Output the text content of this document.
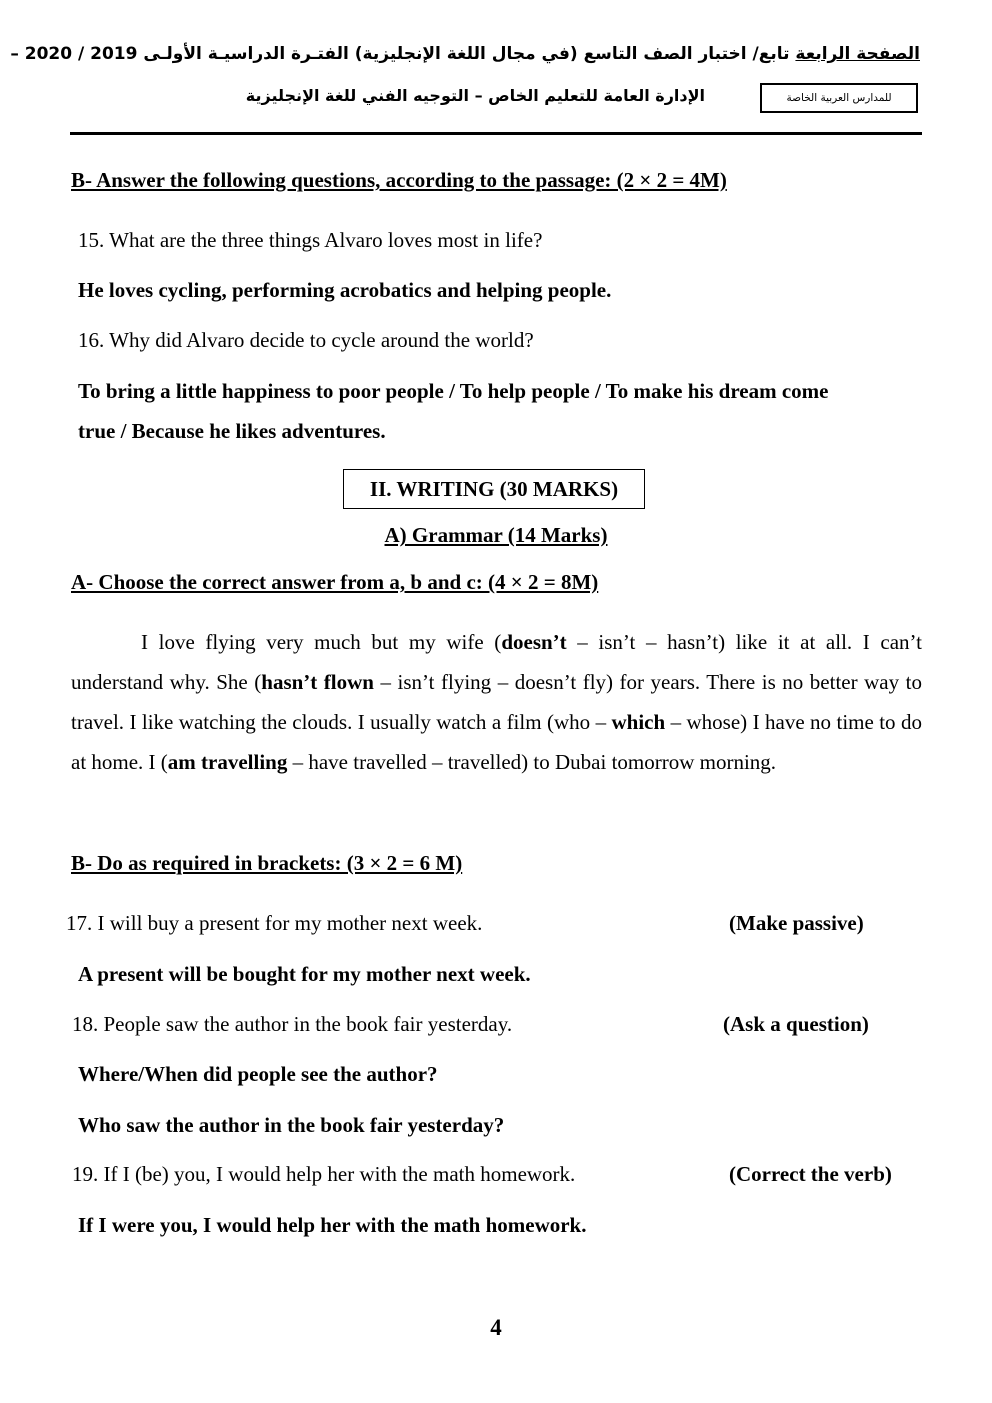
الصفحة الرابعة تابع/ اختبار الصف التاسع (في مجال اللغة الإنجليزية) الفتـرة الدراسيـة الأولـى 2019 / 2020 –
الإدارة العامة للتعليم الخاص – التوجيه الفني للغة الإنجليزية	للمدارس العربية الخاصة
B- Answer the following questions, according to the passage: (2 × 2 = 4M)
15. What are the three things Alvaro loves most in life?
He loves cycling, performing acrobatics and helping people.
16. Why did Alvaro decide to cycle around the world?
To bring a little happiness to poor people / To help people / To make his dream come
true / Because he likes adventures.
II. WRITING (30 MARKS)
A) Grammar (14 Marks)
A- Choose the correct answer from a, b and c: (4 × 2 = 8M)

I love flying very much but my wife (doesn’t – isn’t – hasn’t) like it at all. I can’t understand why. She (hasn’t flown – isn’t flying – doesn’t fly) for years. There is no better way to travel. I like watching the clouds. I usually watch a film (who – which – whose) I have no time to do at home. I (am travelling – have travelled – travelled) to Dubai tomorrow morning.

B- Do as required in brackets: (3 × 2 = 6 M)
17. I will buy a present for my mother next week.	(Make passive)
A present will be bought for my mother next week.
18. People saw the author in the book fair yesterday.	(Ask a question)
Where/When did people see the author?
Who saw the author in the book fair yesterday?
19. If I (be) you, I would help her with the math homework.	(Correct the verb)
If I were you, I would help her with the math homework.
4
